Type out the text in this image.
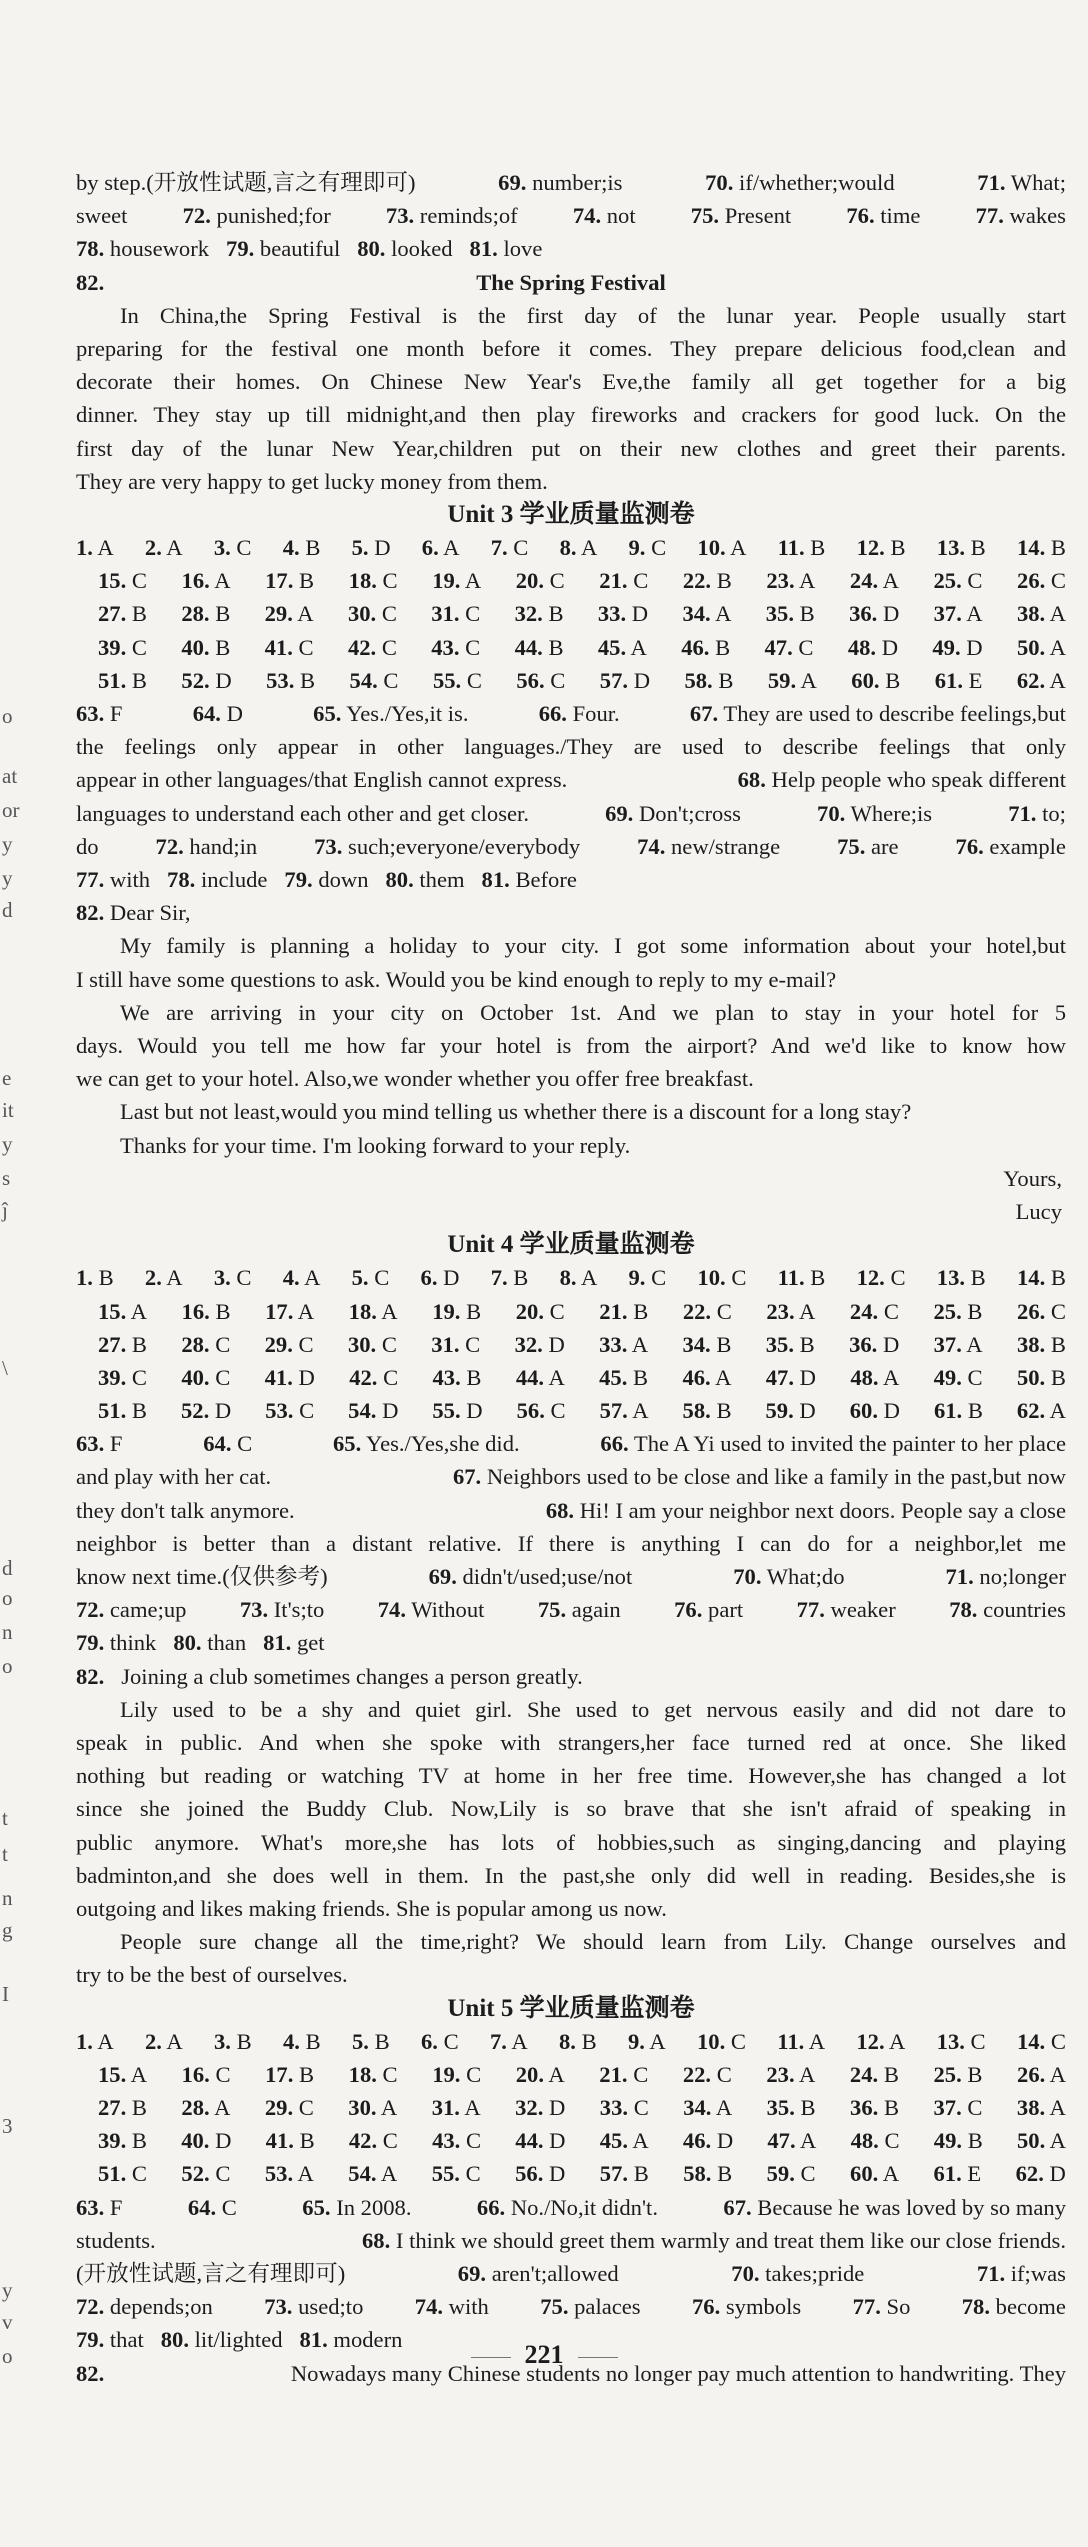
o
at
or
y
y
d
e
it
y
s
ĵ
\
d
o
n
o
t
t
n
g
I
3
y
v
o
by step.(开放性试题,言之有理即可)	69. number;is	70. if/whether;would	71. What;
sweet 72. punished;for 73. reminds;of 74. not 75. Present 76. time 77. wakes
78. housework 79. beautiful 80. looked 81. love
82.	The Spring Festival
In China,the Spring Festival is the first day of the lunar year. People usually start
preparing for the festival one month before it comes. They prepare delicious food,clean and
decorate their homes. On Chinese New Year's Eve,the family all get together for a big
dinner. They stay up till midnight,and then play fireworks and crackers for good luck. On the
first day of the lunar New Year,children put on their new clothes and greet their parents.
They are very happy to get lucky money from them.
Unit 3 学业质量监测卷
1. A 2. A 3. C 4. B 5. D 6. A 7. C 8. A 9. C 10. A 11. B 12. B 13. B 14. B
15. C 16. A 17. B 18. C 19. A 20. C 21. C 22. B 23. A 24. A 25. C 26. C
27. B 28. B 29. A 30. C 31. C 32. B 33. D 34. A 35. B 36. D 37. A 38. A
39. C 40. B 41. C 42. C 43. C 44. B 45. A 46. B 47. C 48. D 49. D 50. A
51. B 52. D 53. B 54. C 55. C 56. C 57. D 58. B 59. A 60. B 61. E 62. A
63. F	64. D	65. Yes./Yes,it is.	66. Four.	67. They are used to describe feelings,but
the feelings only appear in other languages./They are used to describe feelings that only
appear in other languages/that English cannot express.	68. Help people who speak different
languages to understand each other and get closer.	69. Don't;cross	70. Where;is	71. to;
do	72. hand;in	73. such;everyone/everybody	74. new/strange	75. are	76. example
77. with 78. include 79. down 80. them 81. Before
82. Dear Sir,
My family is planning a holiday to your city. I got some information about your hotel,but
I still have some questions to ask. Would you be kind enough to reply to my e-mail?
We are arriving in your city on October 1st. And we plan to stay in your hotel for 5
days. Would you tell me how far your hotel is from the airport? And we'd like to know how
we can get to your hotel. Also,we wonder whether you offer free breakfast.
Last but not least,would you mind telling us whether there is a discount for a long stay?
Thanks for your time. I'm looking forward to your reply.
Yours,
Lucy
Unit 4 学业质量监测卷
1. B 2. A 3. C 4. A 5. C 6. D 7. B 8. A 9. C 10. C 11. B 12. C 13. B 14. B
15. A 16. B 17. A 18. A 19. B 20. C 21. B 22. C 23. A 24. C 25. B 26. C
27. B 28. C 29. C 30. C 31. C 32. D 33. A 34. B 35. B 36. D 37. A 38. B
39. C 40. C 41. D 42. C 43. B 44. A 45. B 46. A 47. D 48. A 49. C 50. B
51. B 52. D 53. C 54. D 55. D 56. C 57. A 58. B 59. D 60. D 61. B 62. A
63. F	64. C	65. Yes./Yes,she did.	66. The A Yi used to invited the painter to her place
and play with her cat.	67. Neighbors used to be close and like a family in the past,but now
they don't talk anymore.	68. Hi! I am your neighbor next doors. People say a close
neighbor is better than a distant relative. If there is anything I can do for a neighbor,let me
know next time.(仅供参考)	69. didn't/used;use/not	70. What;do	71. no;longer
72. came;up 73. It's;to 74. Without 75. again 76. part 77. weaker 78. countries
79. think 80. than 81. get
82. Joining a club sometimes changes a person greatly.
Lily used to be a shy and quiet girl. She used to get nervous easily and did not dare to
speak in public. And when she spoke with strangers,her face turned red at once. She liked
nothing but reading or watching TV at home in her free time. However,she has changed a lot
since she joined the Buddy Club. Now,Lily is so brave that she isn't afraid of speaking in
public anymore. What's more,she has lots of hobbies,such as singing,dancing and playing
badminton,and she does well in them. In the past,she only did well in reading. Besides,she is
outgoing and likes making friends. She is popular among us now.
People sure change all the time,right? We should learn from Lily. Change ourselves and
try to be the best of ourselves.
Unit 5 学业质量监测卷
1. A 2. A 3. B 4. B 5. B 6. C 7. A 8. B 9. A 10. C 11. A 12. A 13. C 14. C
15. A 16. C 17. B 18. C 19. C 20. A 21. C 22. C 23. A 24. B 25. B 26. A
27. B 28. A 29. C 30. A 31. A 32. D 33. C 34. A 35. B 36. B 37. C 38. A
39. B 40. D 41. B 42. C 43. C 44. D 45. A 46. D 47. A 48. C 49. B 50. A
51. C 52. C 53. A 54. A 55. C 56. D 57. B 58. B 59. C 60. A 61. E 62. D
63. F	64. C	65. In 2008.	66. No./No,it didn't.	67. Because he was loved by so many
students.	68. I think we should greet them warmly and treat them like our close friends.
(开放性试题,言之有理即可)	69. aren't;allowed	70. takes;pride	71. if;was
72. depends;on 73. used;to 74. with 75. palaces 76. symbols 77. So 78. become
79. that 80. lit/lighted 81. modern
82.	Nowadays many Chinese students no longer pay much attention to handwriting. They
221
